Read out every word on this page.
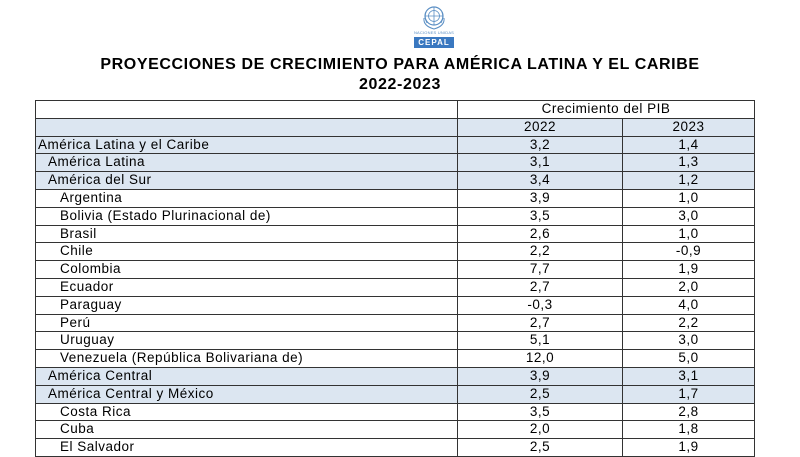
NACIONES UNIDAS
CEPAL
PROYECCIONES DE CRECIMIENTO PARA AMÉRICA LATINA Y EL CARIBE
2022-2023
	Crecimiento del PIB	
	2022	2023
América Latina y el Caribe	3,2	1,4
América Latina	3,1	1,3
América del Sur	3,4	1,2
Argentina	3,9	1,0
Bolivia (Estado Plurinacional de)	3,5	3,0
Brasil	2,6	1,0
Chile	2,2	-0,9
Colombia	7,7	1,9
Ecuador	2,7	2,0
Paraguay	-0,3	4,0
Perú	2,7	2,2
Uruguay	5,1	3,0
Venezuela (República Bolivariana de)	12,0	5,0
América Central	3,9	3,1
América Central y México	2,5	1,7
Costa Rica	3,5	2,8
Cuba	2,0	1,8
El Salvador	2,5	1,9
